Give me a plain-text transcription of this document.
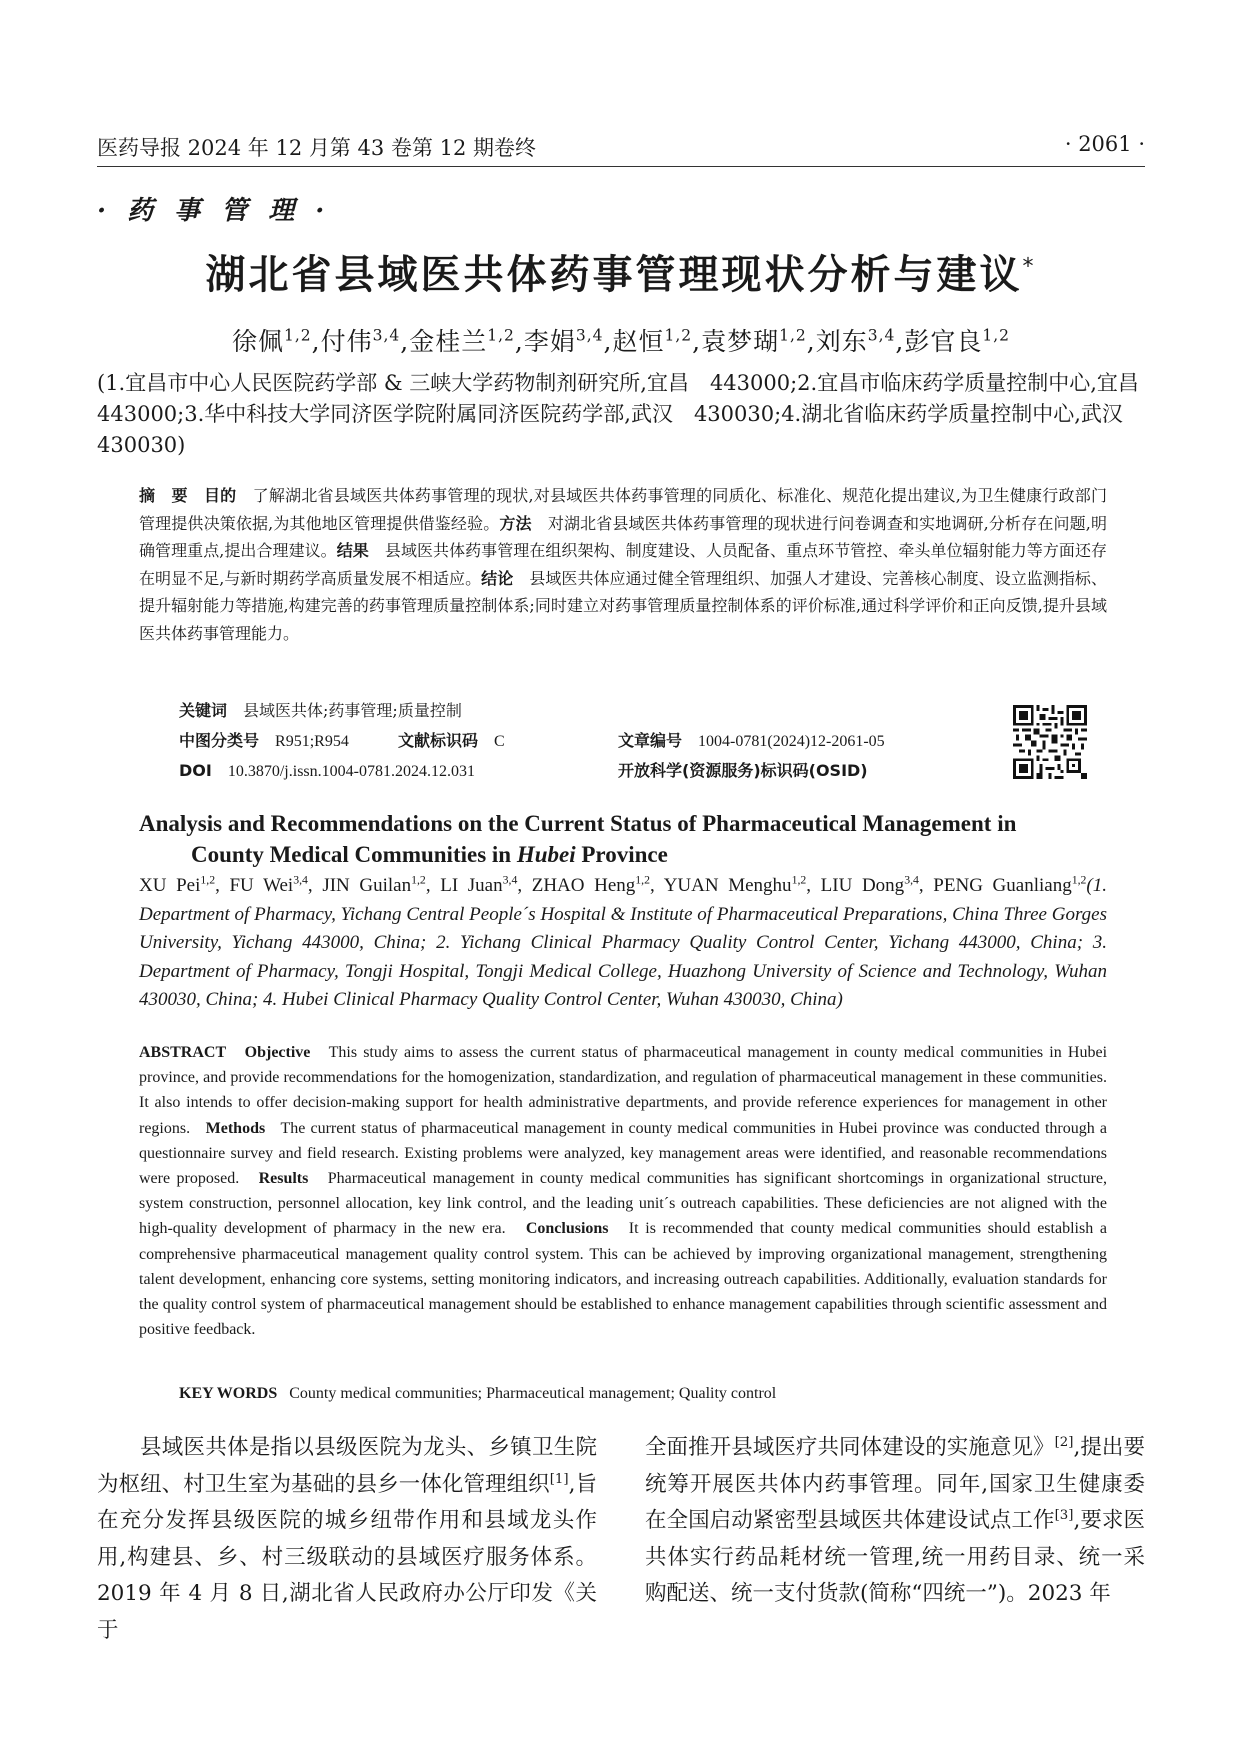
医药导报 2024 年 12 月第 43 卷第 12 期卷终	· 2061 ·
· 药 事 管 理 ·
湖北省县域医共体药事管理现状分析与建议*
徐佩$^{1,2}$,付伟$^{3,4}$,金桂兰$^{1,2}$,李娟$^{3,4}$,赵恒$^{1,2}$,袁梦瑚$^{1,2}$,刘东$^{3,4}$,彭官良$^{1,2}$
(1.宜昌市中心人民医院药学部 & 三峡大学药物制剂研究所,宜昌　443000;2.宜昌市临床药学质量控制中心,宜昌　443000;3.华中科技大学同济医学院附属同济医院药学部,武汉　430030;4.湖北省临床药学质量控制中心,武汉　430030)
摘　要　 目的　 了解湖北省县域医共体药事管理的现状,对县域医共体药事管理的同质化、标准化、规范化提出建议,为卫生健康行政部门管理提供决策依据,为其他地区管理提供借鉴经验。方法　 对湖北省县域医共体药事管理的现状进行问卷调查和实地调研,分析存在问题,明确管理重点,提出合理建议。结果　 县域医共体药事管理在组织架构、制度建设、人员配备、重点环节管控、牵头单位辐射能力等方面还存在明显不足,与新时期药学高质量发展不相适应。结论　 县域医共体应通过健全管理组织、加强人才建设、完善核心制度、设立监测指标、提升辐射能力等措施,构建完善的药事管理质量控制体系;同时建立对药事管理质量控制体系的评价标准,通过科学评价和正向反馈,提升县域医共体药事管理能力。
关键词　 县域医共体;药事管理;质量控制
中图分类号　 R951;R954	文献标识码　 C	文章编号　 1004-0781(2024)12-2061-05
DOI　 10.3870/j.issn.1004-0781.2024.12.031	开放科学(资源服务)标识码(OSID)
Analysis and Recommendations on the Current Status of Pharmaceutical Management in
County Medical Communities in Hubei Province
XU Pei$^{1,2}$, FU Wei$^{3,4}$, JIN Guilan$^{1,2}$, LI Juan$^{3,4}$, ZHAO Heng$^{1,2}$, YUAN Menghu$^{1,2}$, LIU Dong$^{3,4}$, PENG Guanliang$^{1,2}$(1. Department of Pharmacy, Yichang Central People´s Hospital & Institute of Pharmaceutical Preparations, China Three Gorges University, Yichang 443000, China; 2. Yichang Clinical Pharmacy Quality Control Center, Yichang 443000, China; 3. Department of Pharmacy, Tongji Hospital, Tongji Medical College, Huazhong University of Science and Technology, Wuhan 430030, China; 4. Hubei Clinical Pharmacy Quality Control Center, Wuhan 430030, China)
ABSTRACT Objective This study aims to assess the current status of pharmaceutical management in county medical communities in Hubei province, and provide recommendations for the homogenization, standardization, and regulation of pharmaceutical management in these communities. It also intends to offer decision-making support for health administrative departments, and provide reference experiences for management in other regions. Methods The current status of pharmaceutical management in county medical communities in Hubei province was conducted through a questionnaire survey and field research. Existing problems were analyzed, key management areas were identified, and reasonable recommendations were proposed. Results Pharmaceutical management in county medical communities has significant shortcomings in organizational structure, system construction, personnel allocation, key link control, and the leading unit´s outreach capabilities. These deficiencies are not aligned with the high-quality development of pharmacy in the new era. Conclusions It is recommended that county medical communities should establish a comprehensive pharmaceutical management quality control system. This can be achieved by improving organizational management, strengthening talent development, enhancing core systems, setting monitoring indicators, and increasing outreach capabilities. Additionally, evaluation standards for the quality control system of pharmaceutical management should be established to enhance management capabilities through scientific assessment and positive feedback.
KEY WORDS County medical communities; Pharmaceutical management; Quality control
县域医共体是指以县级医院为龙头、乡镇卫生院为枢纽、村卫生室为基础的县乡一体化管理组织[1],旨在充分发挥县级医院的城乡纽带作用和县域龙头作用,构建县、乡、村三级联动的县域医疗服务体系。2019 年 4 月 8 日,湖北省人民政府办公厅印发《关于
全面推开县域医疗共同体建设的实施意见》[2],提出要统筹开展医共体内药事管理。同年,国家卫生健康委在全国启动紧密型县域医共体建设试点工作[3],要求医共体实行药品耗材统一管理,统一用药目录、统一采购配送、统一支付货款(简称“四统一”)。2023 年
